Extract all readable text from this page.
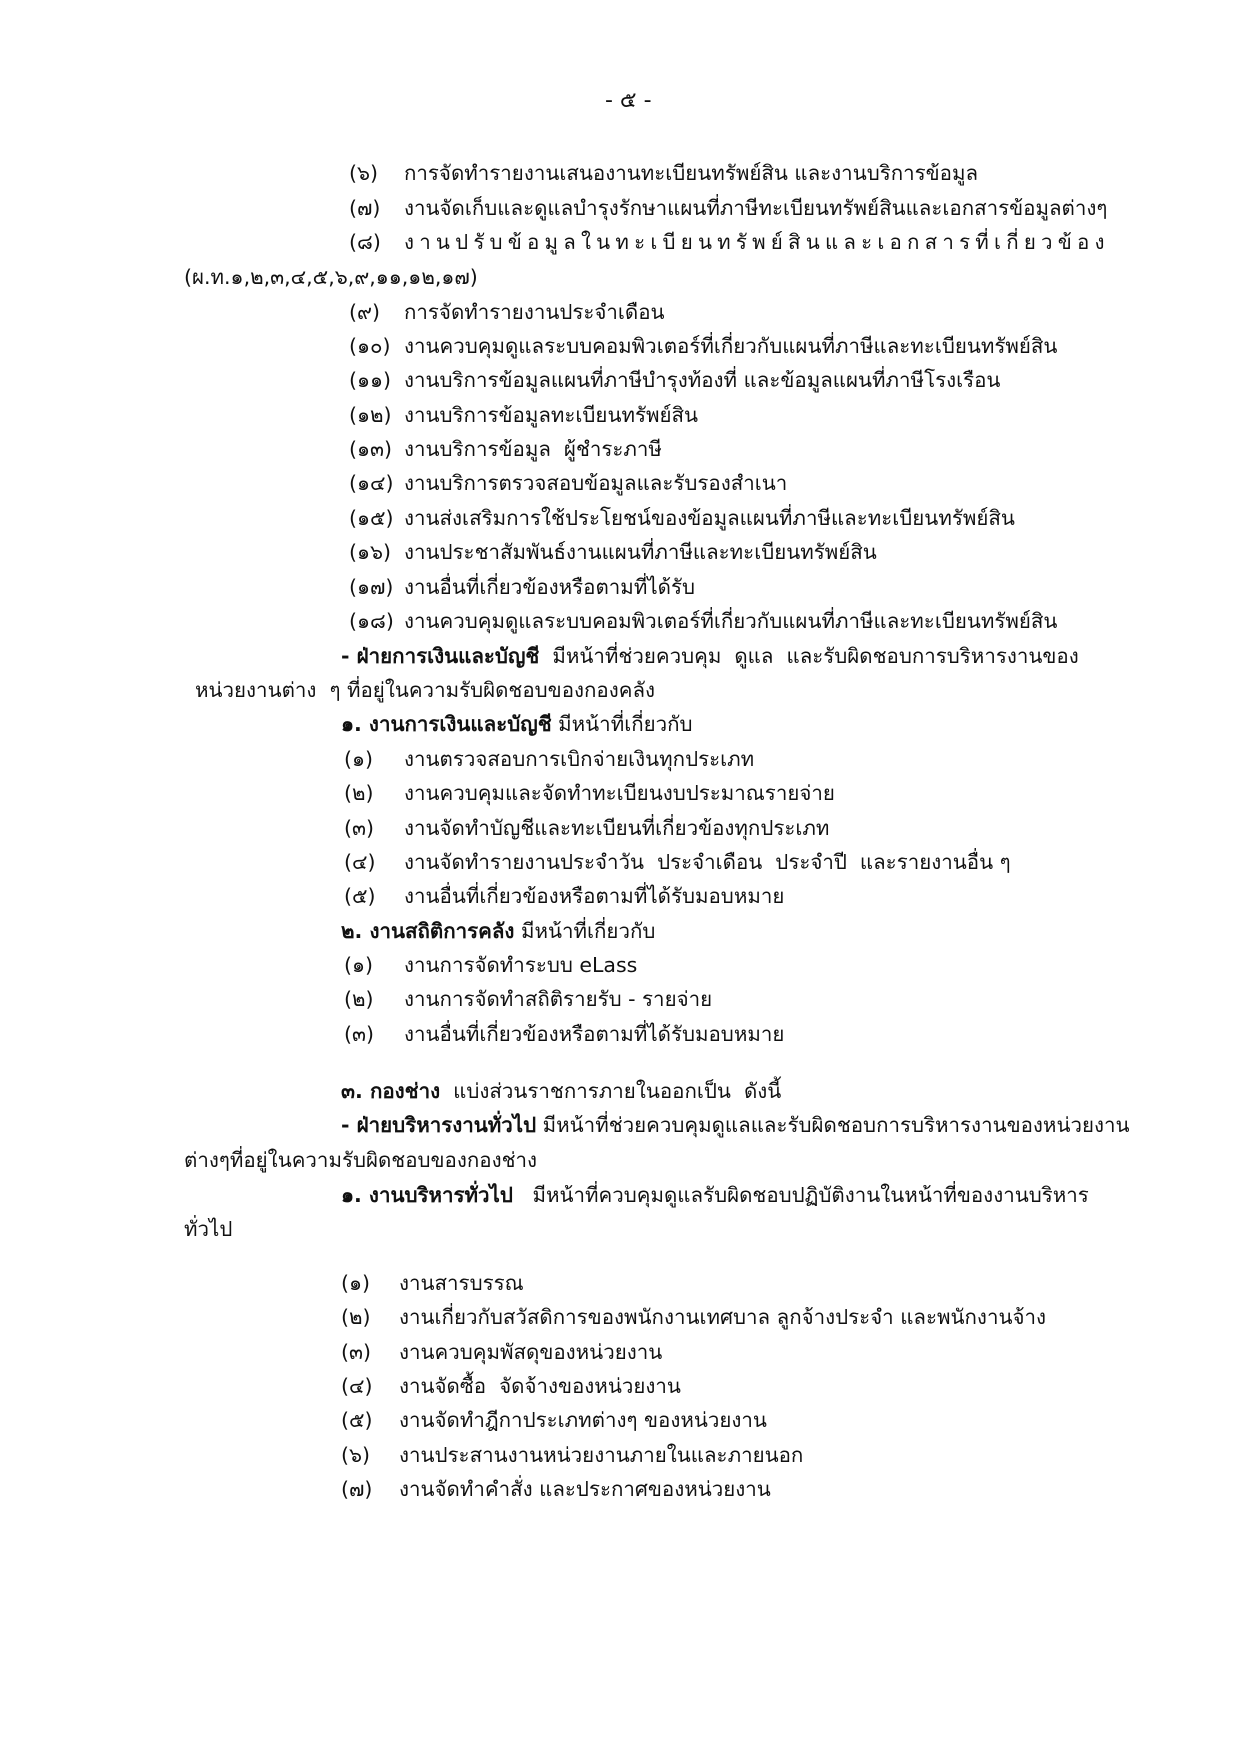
- ๕ -
(๖) การจัดทำรายงานเสนองานทะเบียนทรัพย์สิน และงานบริการข้อมูล
(๗) งานจัดเก็บและดูแลบำรุงรักษาแผนที่ภาษีทะเบียนทรัพย์สินและเอกสารข้อมูลต่างๆ
(๘) งานปรับข้อมูลในทะเบียนทรัพย์สินและเอกสารที่เกี่ยวข้อง
(ผ.ท.๑,๒,๓,๔,๕,๖,๙,๑๑,๑๒,๑๗)
(๙) การจัดทำรายงานประจำเดือน
(๑๐) งานควบคุมดูแลระบบคอมพิวเตอร์ที่เกี่ยวกับแผนที่ภาษีและทะเบียนทรัพย์สิน
(๑๑) งานบริการข้อมูลแผนที่ภาษีบำรุงท้องที่ และข้อมูลแผนที่ภาษีโรงเรือน
(๑๒) งานบริการข้อมูลทะเบียนทรัพย์สิน
(๑๓) งานบริการข้อมูล  ผู้ชำระภาษี
(๑๔) งานบริการตรวจสอบข้อมูลและรับรองสำเนา
(๑๕) งานส่งเสริมการใช้ประโยชน์ของข้อมูลแผนที่ภาษีและทะเบียนทรัพย์สิน
(๑๖) งานประชาสัมพันธ์งานแผนที่ภาษีและทะเบียนทรัพย์สิน
(๑๗) งานอื่นที่เกี่ยวข้องหรือตามที่ได้รับ
(๑๘) งานควบคุมดูแลระบบคอมพิวเตอร์ที่เกี่ยวกับแผนที่ภาษีและทะเบียนทรัพย์สิน
- ฝ่ายการเงินและบัญชี  มีหน้าที่ช่วยควบคุม  ดูแล  และรับผิดชอบการบริหารงานของ
หน่วยงานต่าง  ๆ ที่อยู่ในความรับผิดชอบของกองคลัง
๑. งานการเงินและบัญชี มีหน้าที่เกี่ยวกับ
(๑) งานตรวจสอบการเบิกจ่ายเงินทุกประเภท
(๒) งานควบคุมและจัดทำทะเบียนงบประมาณรายจ่าย
(๓) งานจัดทำบัญชีและทะเบียนที่เกี่ยวข้องทุกประเภท
(๔) งานจัดทำรายงานประจำวัน  ประจำเดือน  ประจำปี  และรายงานอื่น ๆ
(๕) งานอื่นที่เกี่ยวข้องหรือตามที่ได้รับมอบหมาย
๒. งานสถิติการคลัง มีหน้าที่เกี่ยวกับ
(๑) งานการจัดทำระบบ eLass
(๒) งานการจัดทำสถิติรายรับ - รายจ่าย
(๓) งานอื่นที่เกี่ยวข้องหรือตามที่ได้รับมอบหมาย
๓. กองช่าง  แบ่งส่วนราชการภายในออกเป็น  ดังนี้
- ฝ่ายบริหารงานทั่วไป มีหน้าที่ช่วยควบคุมดูแลและรับผิดชอบการบริหารงานของหน่วยงาน
ต่างๆที่อยู่ในความรับผิดชอบของกองช่าง
๑. งานบริหารทั่วไป   มีหน้าที่ควบคุมดูแลรับผิดชอบปฏิบัติงานในหน้าที่ของงานบริหาร
ทั่วไป
(๑) งานสารบรรณ
(๒) งานเกี่ยวกับสวัสดิการของพนักงานเทศบาล ลูกจ้างประจำ และพนักงานจ้าง
(๓) งานควบคุมพัสดุของหน่วยงาน
(๔) งานจัดซื้อ  จัดจ้างของหน่วยงาน
(๕) งานจัดทำฎีกาประเภทต่างๆ ของหน่วยงาน
(๖) งานประสานงานหน่วยงานภายในและภายนอก
(๗) งานจัดทำคำสั่ง และประกาศของหน่วยงาน
